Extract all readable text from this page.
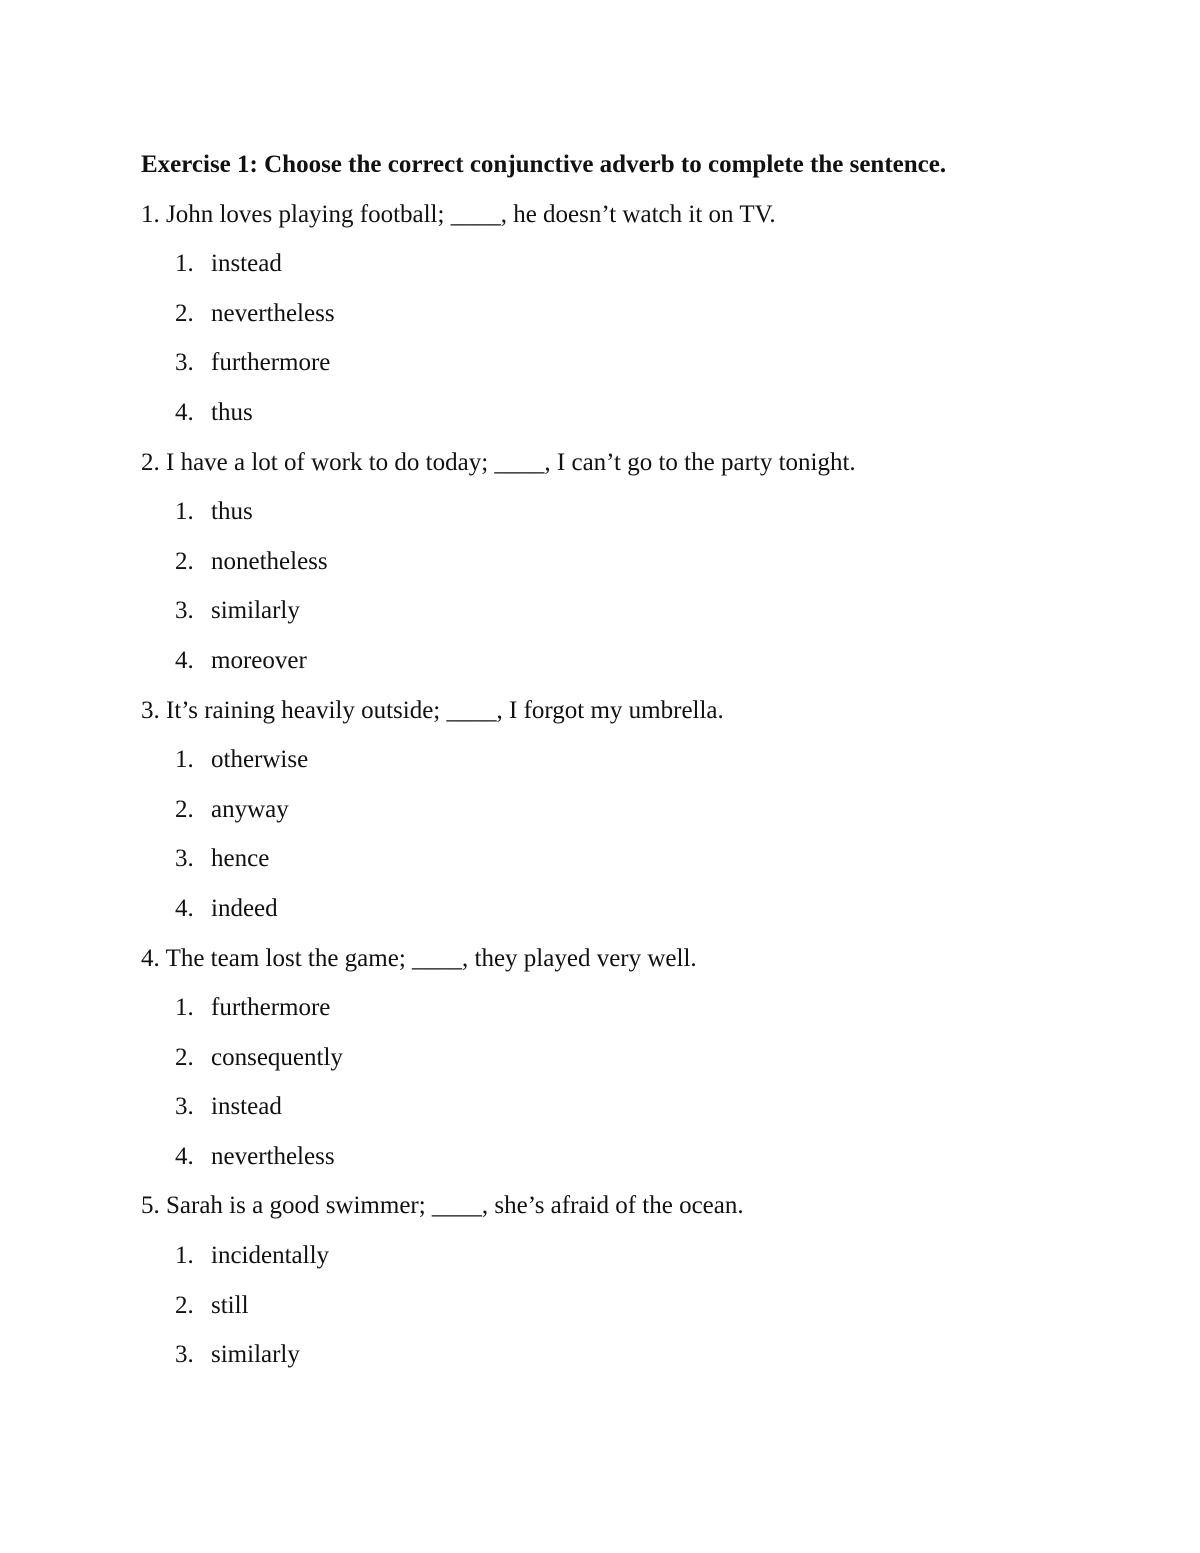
Exercise 1: Choose the correct conjunctive adverb to complete the sentence.
1. John loves playing football; ____, he doesn’t watch it on TV.
1. instead
2. nevertheless
3. furthermore
4. thus
2. I have a lot of work to do today; ____, I can’t go to the party tonight.
1. thus
2. nonetheless
3. similarly
4. moreover
3. It’s raining heavily outside; ____, I forgot my umbrella.
1. otherwise
2. anyway
3. hence
4. indeed
4. The team lost the game; ____, they played very well.
1. furthermore
2. consequently
3. instead
4. nevertheless
5. Sarah is a good swimmer; ____, she’s afraid of the ocean.
1. incidentally
2. still
3. similarly
